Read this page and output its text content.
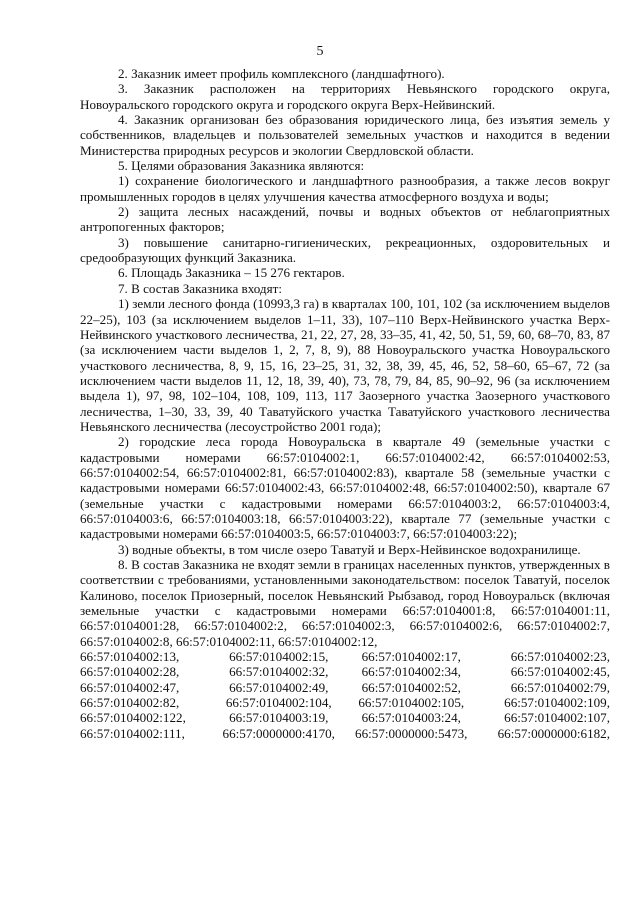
5

2. Заказник имеет профиль комплексного (ландшафтного).

3. Заказник расположен на территориях Невьянского городского округа, Новоуральского городского округа и городского округа Верх-Нейвинский.

4. Заказник организован без образования юридического лица, без изъятия земель у собственников, владельцев и пользователей земельных участков и находится в ведении Министерства природных ресурсов и экологии Свердловской области.

5. Целями образования Заказника являются:

1) сохранение биологического и ландшафтного разнообразия, а также лесов вокруг промышленных городов в целях улучшения качества атмосферного воздуха и воды;

2) защита лесных насаждений, почвы и водных объектов от неблагоприятных антропогенных факторов;

3) повышение санитарно-гигиенических, рекреационных, оздоровительных и средообразующих функций Заказника.

6. Площадь Заказника – 15 276 гектаров.

7. В состав Заказника входят:

1) земли лесного фонда (10993,3 га) в кварталах 100, 101, 102 (за исключением выделов 22–25), 103 (за исключением выделов 1–11, 33), 107–110 Верх-Нейвинского участка Верх-Нейвинского участкового лесничества, 21, 22, 27, 28, 33–35, 41, 42, 50, 51, 59, 60, 68–70, 83, 87 (за исключением части выделов 1, 2, 7, 8, 9), 88 Новоуральского участка Новоуральского участкового лесничества, 8, 9, 15, 16, 23–25, 31, 32, 38, 39, 45, 46, 52, 58–60, 65–67, 72 (за исключением части выделов 11, 12, 18, 39, 40), 73, 78, 79, 84, 85, 90–92, 96 (за исключением выдела 1), 97, 98, 102–104, 108, 109, 113, 117 Заозерного участка Заозерного участкового лесничества, 1–30, 33, 39, 40 Таватуйского участка Таватуйского участкового лесничества Невьянского лесничества (лесоустройство 2001 года);

2) городские леса города Новоуральска в квартале 49 (земельные участки с кадастровыми номерами 66:57:0104002:1, 66:57:0104002:42, 66:57:0104002:53, 66:57:0104002:54, 66:57:0104002:81, 66:57:0104002:83), квартале 58 (земельные участки с кадастровыми номерами 66:57:0104002:43, 66:57:0104002:48, 66:57:0104002:50), квартале 67 (земельные участки с кадастровыми номерами 66:57:0104003:2, 66:57:0104003:4, 66:57:0104003:6, 66:57:0104003:18, 66:57:0104003:22), квартале 77 (земельные участки с кадастровыми номерами 66:57:0104003:5, 66:57:0104003:7, 66:57:0104003:22);

3) водные объекты, в том числе озеро Таватуй и Верх-Нейвинское водохранилище.

8. В состав Заказника не входят земли в границах населенных пунктов, утвержденных в соответствии с требованиями, установленными законодательством: поселок Таватуй, поселок Калиново, поселок Приозерный, поселок Невьянский Рыбзавод, город Новоуральск (включая земельные участки с кадастровыми номерами 66:57:0104001:8, 66:57:0104001:11, 66:57:0104001:28, 66:57:0104002:2, 66:57:0104002:3, 66:57:0104002:6, 66:57:0104002:7, 66:57:0104002:8, 66:57:0104002:11, 66:57:0104002:12,

66:57:0104002:13,	66:57:0104002:15,	66:57:0104002:17,	66:57:0104002:23,
66:57:0104002:28,	66:57:0104002:32,	66:57:0104002:34,	66:57:0104002:45,
66:57:0104002:47,	66:57:0104002:49,	66:57:0104002:52,	66:57:0104002:79,
66:57:0104002:82,	66:57:0104002:104,	66:57:0104002:105,	66:57:0104002:109,
66:57:0104002:122,	66:57:0104003:19,	66:57:0104003:24,	66:57:0104002:107,
66:57:0104002:111,	66:57:0000000:4170,	66:57:0000000:5473,	66:57:0000000:6182,
